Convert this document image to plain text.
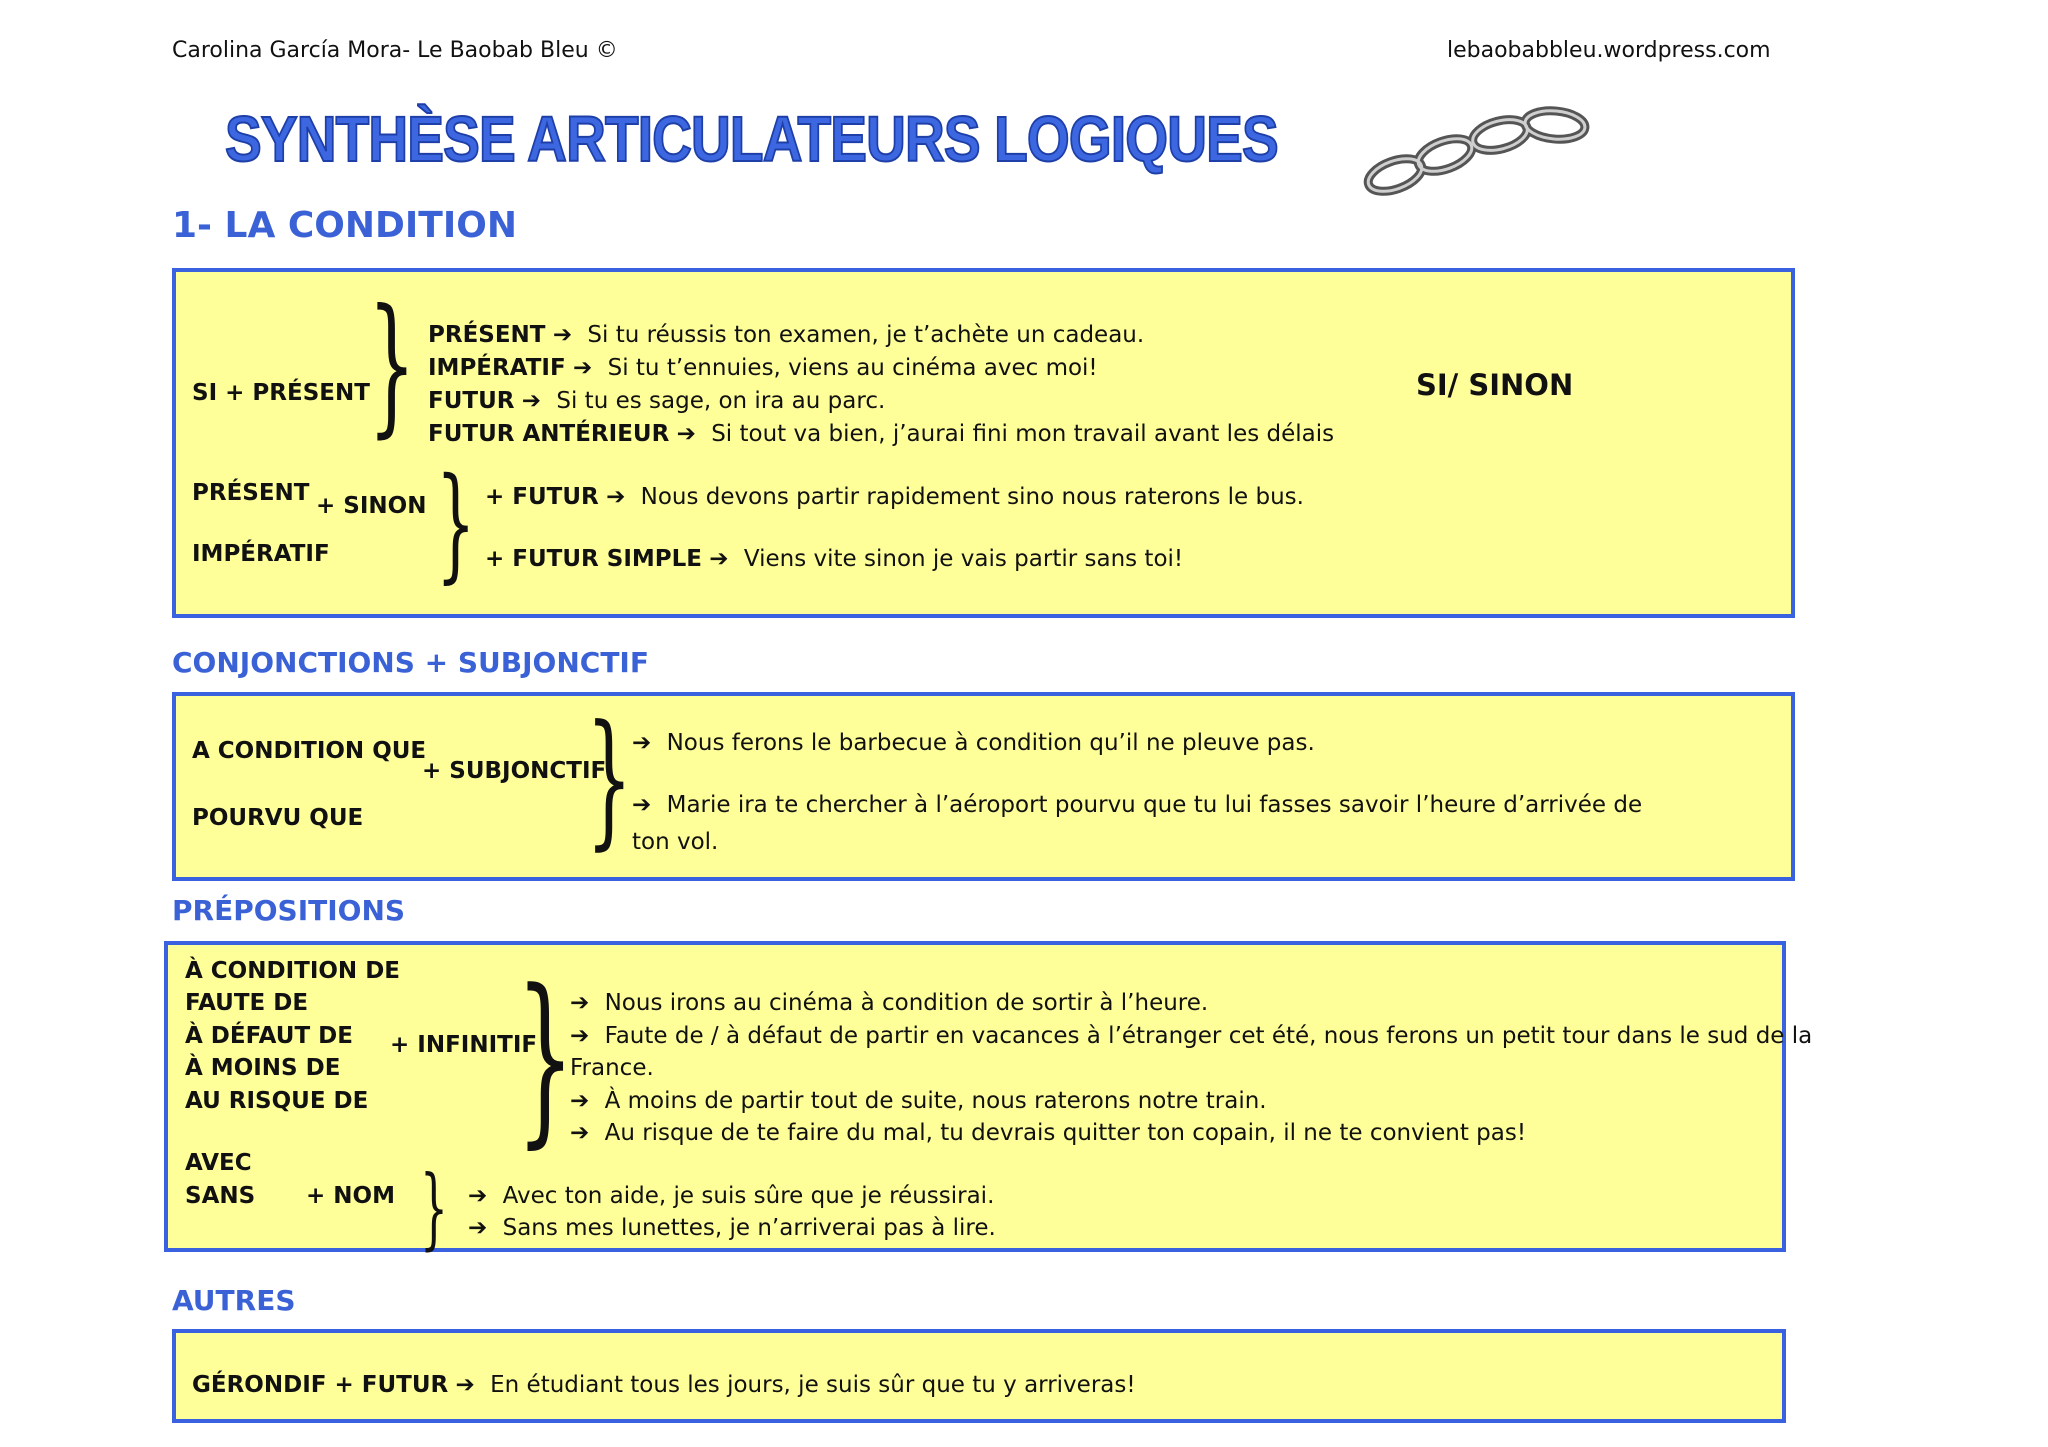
Carolina García Mora- Le Baobab Bleu ©	lebaobabbleu.wordpress.com
SYNTHÈSE ARTICULATEURS LOGIQUES
1- LA CONDITION
SI + PRÉSENT
} PRÉSENT ➔ Si tu réussis ton examen, je t’achète un cadeau.
IMPÉRATIF ➔ Si tu t’ennuies, viens au cinéma avec moi!
FUTUR ➔ Si tu es sage, on ira au parc.
FUTUR ANTÉRIEUR ➔ Si tout va bien, j’aurai fini mon travail avant les délais
SI/ SINON
PRÉSENT + SINON
IMPÉRATIF } + FUTUR ➔ Nous devons partir rapidement sino nous raterons le bus.
+ FUTUR SIMPLE ➔ Viens vite sinon je vais partir sans toi!
CONJONCTIONS + SUBJONCTIF
A CONDITION QUE
+ SUBJONCTIF
POURVU QUE } ➔ Nous ferons le barbecue à condition qu’il ne pleuve pas.
➔ Marie ira te chercher à l’aéroport pourvu que tu lui fasses savoir l’heure d’arrivée de
ton vol.
PRÉPOSITIONS
À CONDITION DE
FAUTE DE
À DÉFAUT DE
À MOINS DE
AU RISQUE DE
+ INFINITIF
}
➔ Nous irons au cinéma à condition de sortir à l’heure.
➔ Faute de / à défaut de partir en vacances à l’étranger cet été, nous ferons un petit tour dans le sud de la
France.
➔ À moins de partir tout de suite, nous raterons notre train.
➔ Au risque de te faire du mal, tu devrais quitter ton copain, il ne te convient pas!
AVEC
SANS + NOM } ➔ Avec ton aide, je suis sûre que je réussirai.
➔ Sans mes lunettes, je n’arriverai pas à lire.
AUTRES
GÉRONDIF + FUTUR ➔ En étudiant tous les jours, je suis sûr que tu y arriveras!
